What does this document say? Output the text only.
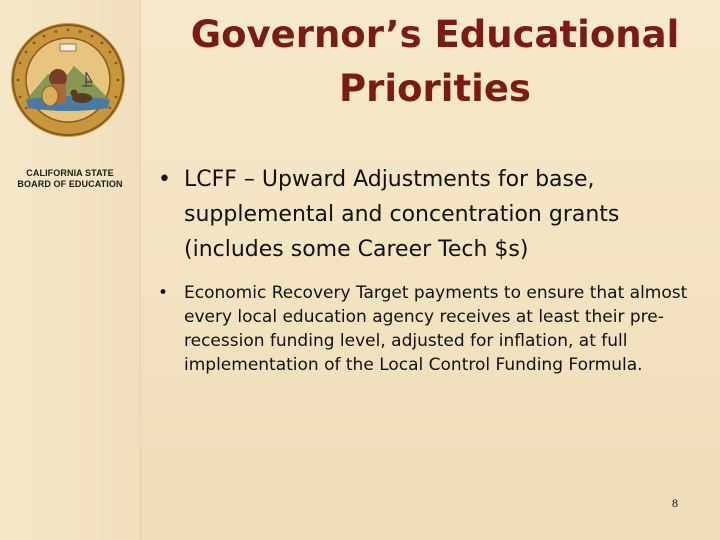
CALIFORNIA STATE
BOARD OF EDUCATION
Governor’s Educational
Priorities
• LCFF – Upward Adjustments for base, supplemental and concentration grants (includes some Career Tech $s)
• Economic Recovery Target payments to ensure that almost every local education agency receives at least their pre-recession funding level, adjusted for inflation, at full implementation of the Local Control Funding Formula.
8
